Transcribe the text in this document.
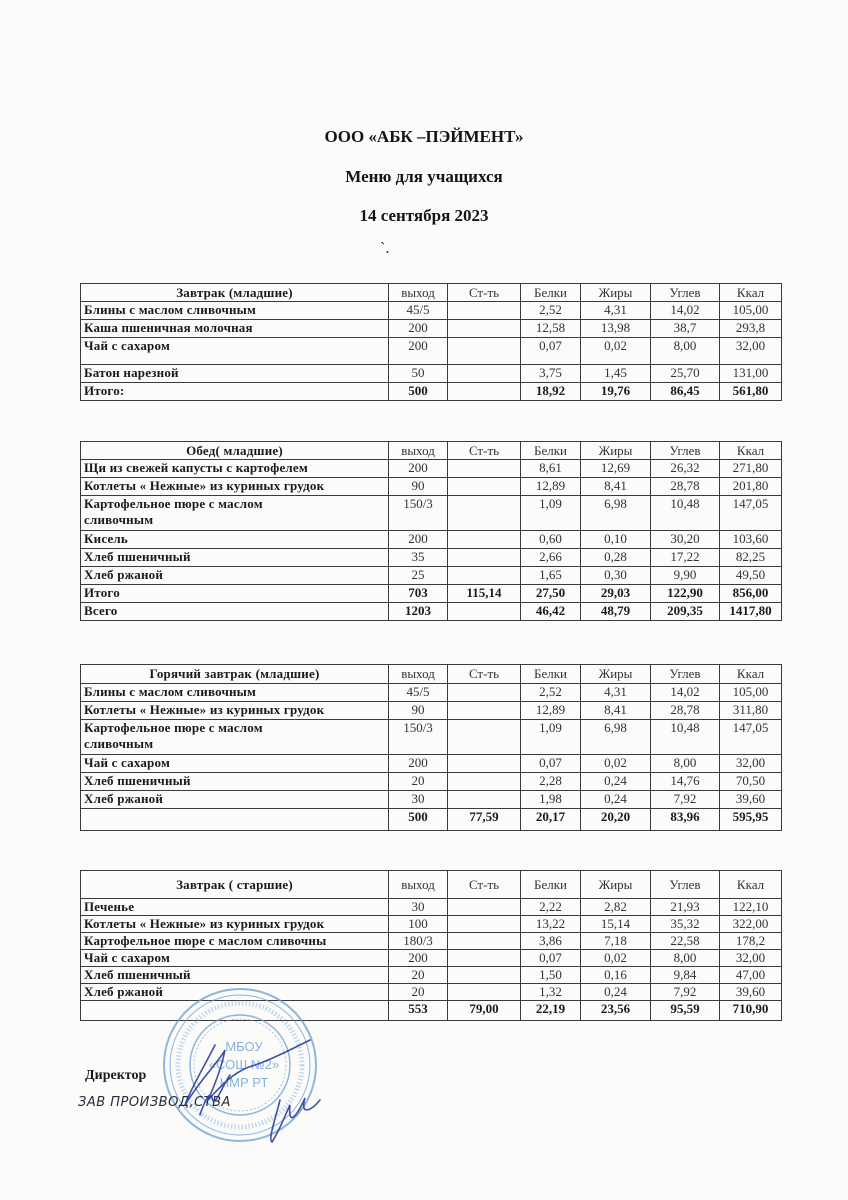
ООО «АБК –ПЭЙМЕНТ»
Меню для учащихся
14 сентября 2023
`.
Завтрак (младшие)	выход	Ст-ть	Белки	Жиры	Углев	Ккал
Блины с маслом сливочным	45/5		2,52	4,31	14,02	105,00
Каша пшеничная молочная	200		12,58	13,98	38,7	293,8
Чай с сахаром	200		0,07	0,02	8,00	32,00
Батон нарезной	50		3,75	1,45	25,70	131,00
Итого:	500		18,92	19,76	86,45	561,80
Обед( младшие)	выход	Ст-ть	Белки	Жиры	Углев	Ккал
Щи из свежей капусты с картофелем	200		8,61	12,69	26,32	271,80
Котлеты « Нежные» из куриных грудок	90		12,89	8,41	28,78	201,80
Картофельное пюре с маслом сливочным	150/3		1,09	6,98	10,48	147,05
Кисель	200		0,60	0,10	30,20	103,60
Хлеб пшеничный	35		2,66	0,28	17,22	82,25
Хлеб ржаной	25		1,65	0,30	9,90	49,50
Итого	703	115,14	27,50	29,03	122,90	856,00
Всего	1203		46,42	48,79	209,35	1417,80
Горячий завтрак (младшие)	выход	Ст-ть	Белки	Жиры	Углев	Ккал
Блины с маслом сливочным	45/5		2,52	4,31	14,02	105,00
Котлеты « Нежные» из куриных грудок	90		12,89	8,41	28,78	311,80
Картофельное пюре с маслом сливочным	150/3		1,09	6,98	10,48	147,05
Чай с сахаром	200		0,07	0,02	8,00	32,00
Хлеб пшеничный	20		2,28	0,24	14,76	70,50
Хлеб ржаной	30		1,98	0,24	7,92	39,60
	500	77,59	20,17	20,20	83,96	595,95
Завтрак ( старшие)	выход	Ст-ть	Белки	Жиры	Углев	Ккал
Печенье	30		2,22	2,82	21,93	122,10
Котлеты « Нежные» из куриных грудок	100		13,22	15,14	35,32	322,00
Картофельное пюре с маслом сливочны	180/3		3,86	7,18	22,58	178,2
Чай с сахаром	200		0,07	0,02	8,00	32,00
Хлеб пшеничный	20		1,50	0,16	9,84	47,00
Хлеб ржаной	20		1,32	0,24	7,92	39,60
	553	79,00	22,19	23,56	95,59	710,90
МБОУ
«СОШ №2»
НМР РТ
Директор
ЗАВ ПРОИЗВОД,СТВА
